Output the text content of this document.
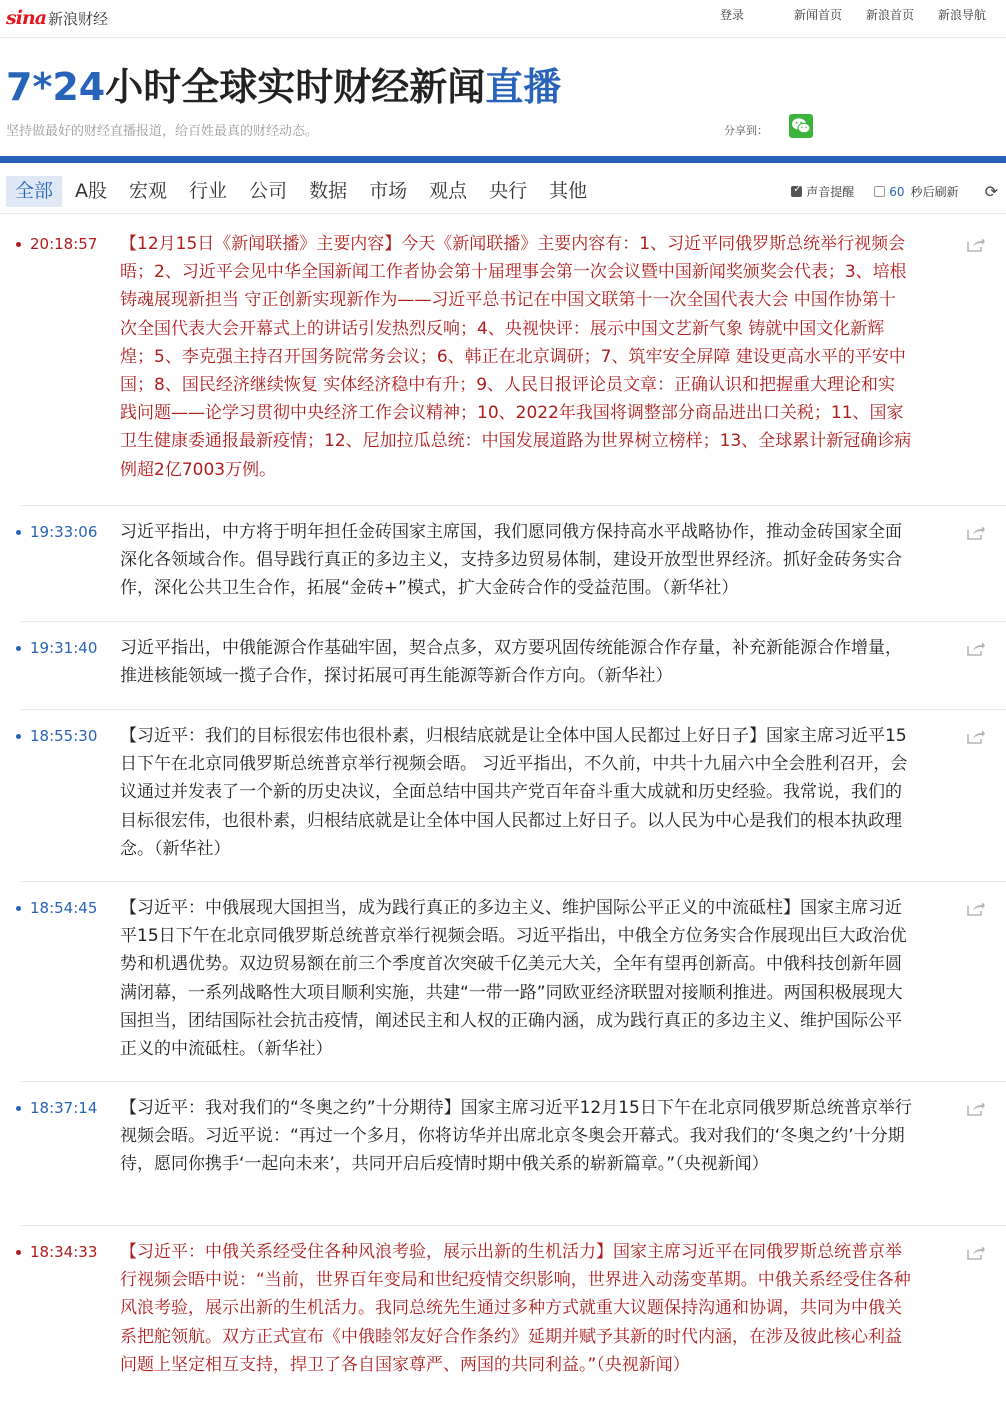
sina 新浪财经	登录	新闻首页 新浪首页 新浪导航
7*24小时全球实时财经新闻直播
坚持做最好的财经直播报道，给百姓最真的财经动态。	分享到：
全部	A股	宏观	行业	公司	数据	市场	观点	央行	其他
✓	声音提醒	60 秒后刷新 ⟳
20:18:57 【12月15日《新闻联播》主要内容】今天《新闻联播》主要内容有：1、习近平同俄罗斯总统举行视频会晤；2、习近平会见中华全国新闻工作者协会第十届理事会第一次会议暨中国新闻奖颁奖会代表；3、培根铸魂展现新担当 守正创新实现新作为——习近平总书记在中国文联第十一次全国代表大会 中国作协第十次全国代表大会开幕式上的讲话引发热烈反响；4、央视快评：展示中国文艺新气象 铸就中国文化新辉煌；5、李克强主持召开国务院常务会议；6、韩正在北京调研；7、筑牢安全屏障 建设更高水平的平安中国；8、国民经济继续恢复 实体经济稳中有升；9、人民日报评论员文章：正确认识和把握重大理论和实践问题——论学习贯彻中央经济工作会议精神；10、2022年我国将调整部分商品进出口关税；11、国家卫生健康委通报最新疫情；12、尼加拉瓜总统：中国发展道路为世界树立榜样；13、全球累计新冠确诊病例超2亿7003万例。
19:33:06 习近平指出，中方将于明年担任金砖国家主席国，我们愿同俄方保持高水平战略协作，推动金砖国家全面深化各领域合作。倡导践行真正的多边主义，支持多边贸易体制，建设开放型世界经济。抓好金砖务实合作，深化公共卫生合作，拓展“金砖+”模式，扩大金砖合作的受益范围。（新华社）
19:31:40 习近平指出，中俄能源合作基础牢固，契合点多，双方要巩固传统能源合作存量，补充新能源合作增量，推进核能领域一揽子合作，探讨拓展可再生能源等新合作方向。（新华社）
18:55:30 【习近平：我们的目标很宏伟也很朴素，归根结底就是让全体中国人民都过上好日子】国家主席习近平15日下午在北京同俄罗斯总统普京举行视频会晤。 习近平指出，不久前，中共十九届六中全会胜利召开，会议通过并发表了一个新的历史决议，全面总结中国共产党百年奋斗重大成就和历史经验。我常说，我们的目标很宏伟，也很朴素，归根结底就是让全体中国人民都过上好日子。以人民为中心是我们的根本执政理念。（新华社）
18:54:45 【习近平：中俄展现大国担当，成为践行真正的多边主义、维护国际公平正义的中流砥柱】国家主席习近平15日下午在北京同俄罗斯总统普京举行视频会晤。习近平指出，中俄全方位务实合作展现出巨大政治优势和机遇优势。双边贸易额在前三个季度首次突破千亿美元大关，全年有望再创新高。中俄科技创新年圆满闭幕，一系列战略性大项目顺利实施，共建“一带一路”同欧亚经济联盟对接顺利推进。两国积极展现大国担当，团结国际社会抗击疫情，阐述民主和人权的正确内涵，成为践行真正的多边主义、维护国际公平正义的中流砥柱。（新华社）
18:37:14 【习近平：我对我们的“冬奥之约”十分期待】国家主席习近平12月15日下午在北京同俄罗斯总统普京举行视频会晤。习近平说：“再过一个多月，你将访华并出席北京冬奥会开幕式。我对我们的‘冬奥之约’十分期待，愿同你携手‘一起向未来’，共同开启后疫情时期中俄关系的崭新篇章。”（央视新闻）
18:34:33 【习近平：中俄关系经受住各种风浪考验，展示出新的生机活力】国家主席习近平在同俄罗斯总统普京举行视频会晤中说：“当前，世界百年变局和世纪疫情交织影响，世界进入动荡变革期。中俄关系经受住各种风浪考验，展示出新的生机活力。我同总统先生通过多种方式就重大议题保持沟通和协调，共同为中俄关系把舵领航。双方正式宣布《中俄睦邻友好合作条约》延期并赋予其新的时代内涵，在涉及彼此核心利益问题上坚定相互支持，捍卫了各自国家尊严、两国的共同利益。”（央视新闻）
